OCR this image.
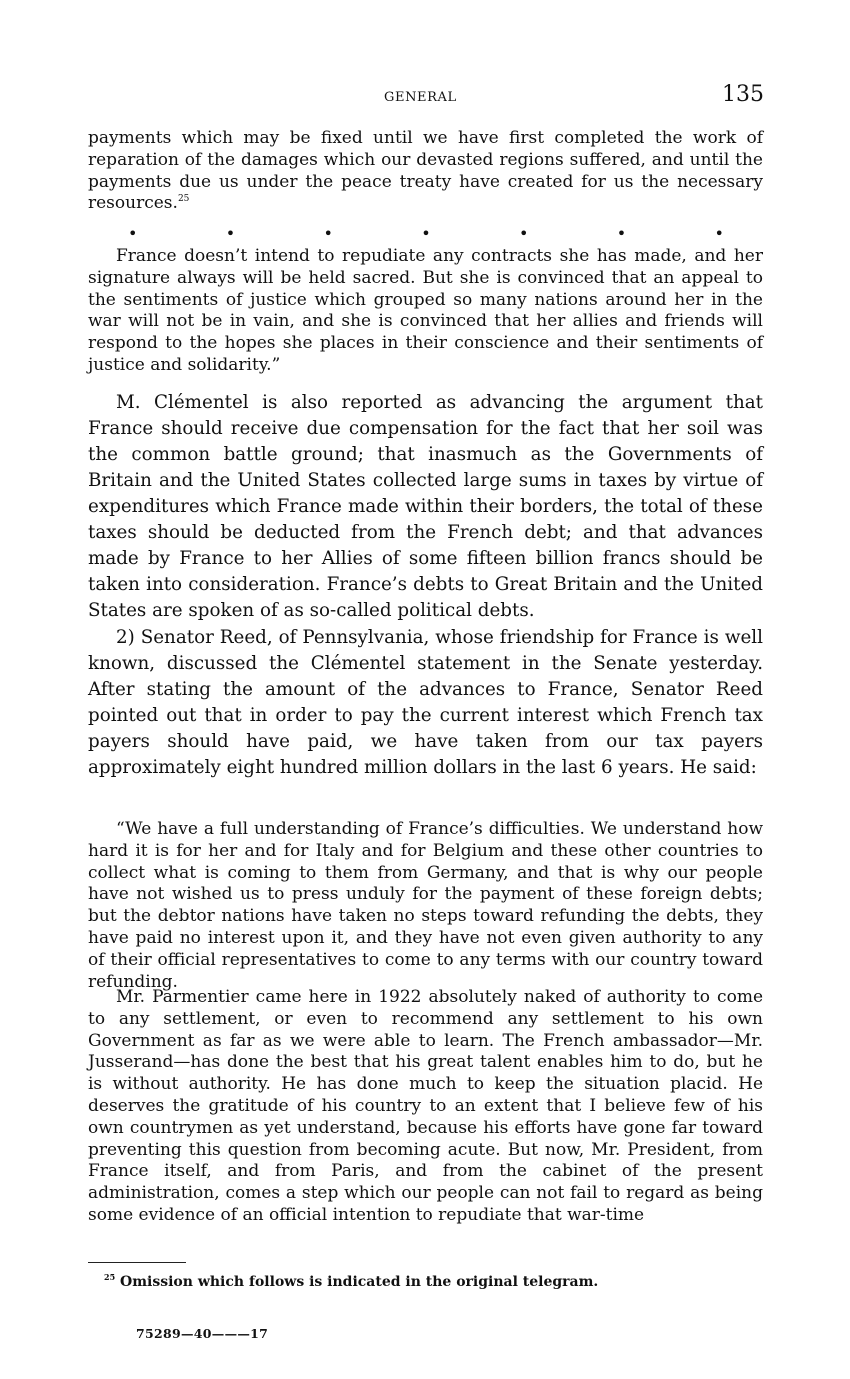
GENERAL	135
payments which may be fixed until we have first completed the work of reparation of the damages which our devasted regions suffered, and until the payments due us under the peace treaty have created for us the necessary resources.$^{25}$
•	•	•	•	•	•	•

France doesn’t intend to repudiate any contracts she has made, and her signature always will be held sacred. But she is convinced that an appeal to the sentiments of justice which grouped so many nations around her in the war will not be in vain, and she is convinced that her allies and friends will respond to the hopes she places in their conscience and their sentiments of justice and solidarity.”

M. Clémentel is also reported as advancing the argument that France should receive due compensation for the fact that her soil was the common battle ground; that inasmuch as the Governments of Britain and the United States collected large sums in taxes by virtue of expenditures which France made within their borders, the total of these taxes should be deducted from the French debt; and that advances made by France to her Allies of some fifteen billion francs should be taken into consideration. France’s debts to Great Britain and the United States are spoken of as so-called political debts.

2) Senator Reed, of Pennsylvania, whose friendship for France is well known, discussed the Clémentel statement in the Senate yesterday. After stating the amount of the advances to France, Senator Reed pointed out that in order to pay the current interest which French tax payers should have paid, we have taken from our tax payers approximately eight hundred million dollars in the last 6 years. He said:

“We have a full understanding of France’s difficulties. We understand how hard it is for her and for Italy and for Belgium and these other countries to collect what is coming to them from Germany, and that is why our people have not wished us to press unduly for the payment of these foreign debts; but the debtor nations have taken no steps toward refunding the debts, they have paid no interest upon it, and they have not even given authority to any of their official representatives to come to any terms with our country toward refunding.

Mr. Parmentier came here in 1922 absolutely naked of authority to come to any settlement, or even to recommend any settlement to his own Government as far as we were able to learn. The French ambassador—Mr. Jusserand—has done the best that his great talent enables him to do, but he is without authority. He has done much to keep the situation placid. He deserves the gratitude of his country to an extent that I believe few of his own countrymen as yet understand, because his efforts have gone far toward preventing this question from becoming acute. But now, Mr. President, from France itself, and from Paris, and from the cabinet of the present administration, comes a step which our people can not fail to regard as being some evidence of an official intention to repudiate that war-time

$^{25}$ Omission which follows is indicated in the original telegram.
75289—40———17
